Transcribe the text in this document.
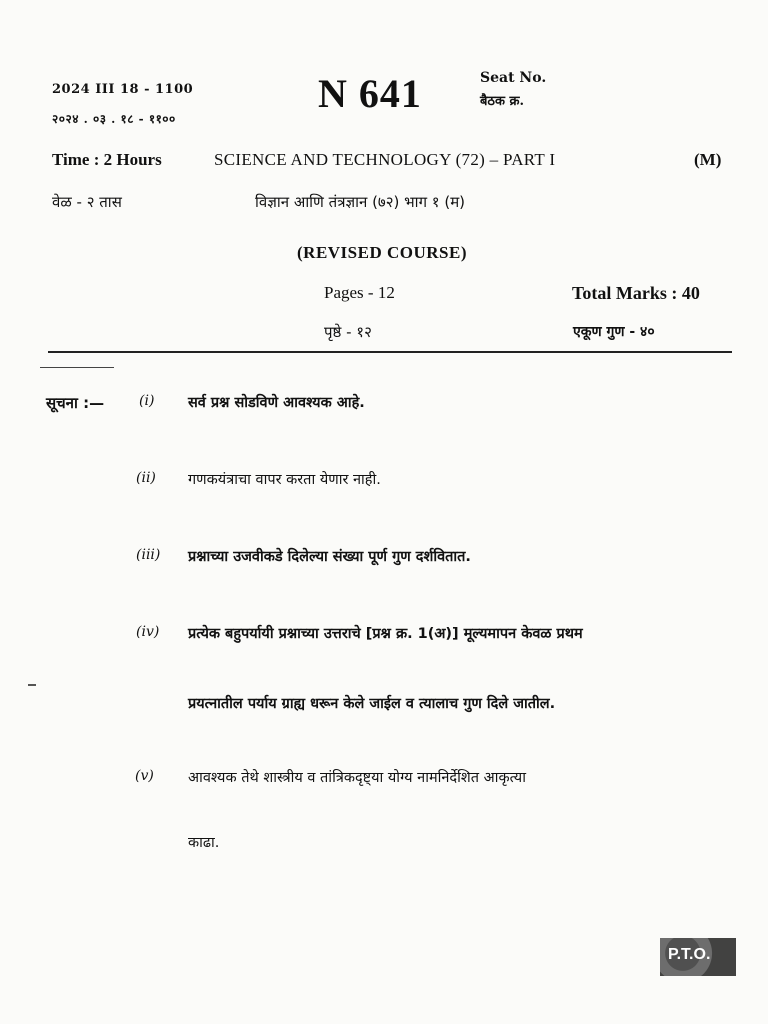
2024 III 18 - 1100
२०२४ . ०३ . १८ - ११००
N 641	Seat No.
बैठक क्र.
Time : 2 Hours	SCIENCE AND TECHNOLOGY (72) – PART I	(M)
वेळ - २ तास	विज्ञान आणि तंत्रज्ञान (७२) भाग १ (म)
(REVISED COURSE)
Pages - 12	Total Marks : 40
पृष्ठे - १२	एकूण गुण - ४०
सूचना :— (i) सर्व प्रश्न सोडविणे आवश्यक आहे.
(ii) गणकयंत्राचा वापर करता येणार नाही.
(iii) प्रश्नाच्या उजवीकडे दिलेल्या संख्या पूर्ण गुण दर्शवितात.
(iv) प्रत्येक बहुपर्यायी प्रश्नाच्या उत्तराचे [प्रश्न क्र. 1(अ)] मूल्यमापन केवळ प्रथम
प्रयत्नातील पर्याय ग्राह्य धरून केले जाईल व त्यालाच गुण दिले जातील.
(v) आवश्यक तेथे शास्त्रीय व तांत्रिकदृष्ट्या योग्य नामनिर्देशित आकृत्या
काढा.
P.T.O.
